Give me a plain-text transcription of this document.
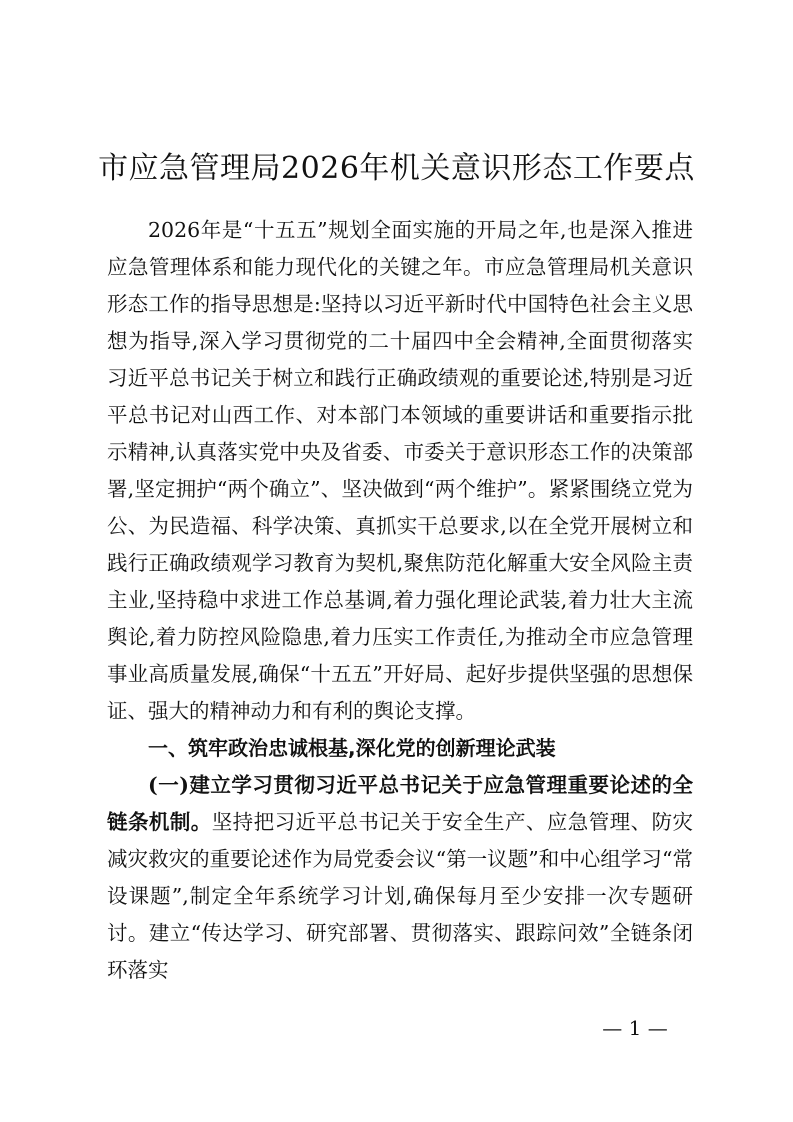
市应急管理局2026年机关意识形态工作要点

2026年是“十五五”规划全面实施的开局之年,也是深入推进应急管理体系和能力现代化的关键之年。市应急管理局机关意识形态工作的指导思想是:坚持以习近平新时代中国特色社会主义思想为指导,深入学习贯彻党的二十届四中全会精神,全面贯彻落实习近平总书记关于树立和践行正确政绩观的重要论述,特别是习近平总书记对山西工作、对本部门本领域的重要讲话和重要指示批示精神,认真落实党中央及省委、市委关于意识形态工作的决策部署,坚定拥护“两个确立”、坚决做到“两个维护”。紧紧围绕立党为公、为民造福、科学决策、真抓实干总要求,以在全党开展树立和践行正确政绩观学习教育为契机,聚焦防范化解重大安全风险主责主业,坚持稳中求进工作总基调,着力强化理论武装,着力壮大主流舆论,着力防控风险隐患,着力压实工作责任,为推动全市应急管理事业高质量发展,确保“十五五”开好局、起好步提供坚强的思想保证、强大的精神动力和有利的舆论支撑。

一、筑牢政治忠诚根基,深化党的创新理论武装

(一)建立学习贯彻习近平总书记关于应急管理重要论述的全链条机制。坚持把习近平总书记关于安全生产、应急管理、防灾减灾救灾的重要论述作为局党委会议“第一议题”和中心组学习“常设课题”,制定全年系统学习计划,确保每月至少安排一次专题研讨。建立“传达学习、研究部署、贯彻落实、跟踪问效”全链条闭环落实

— 1 —
